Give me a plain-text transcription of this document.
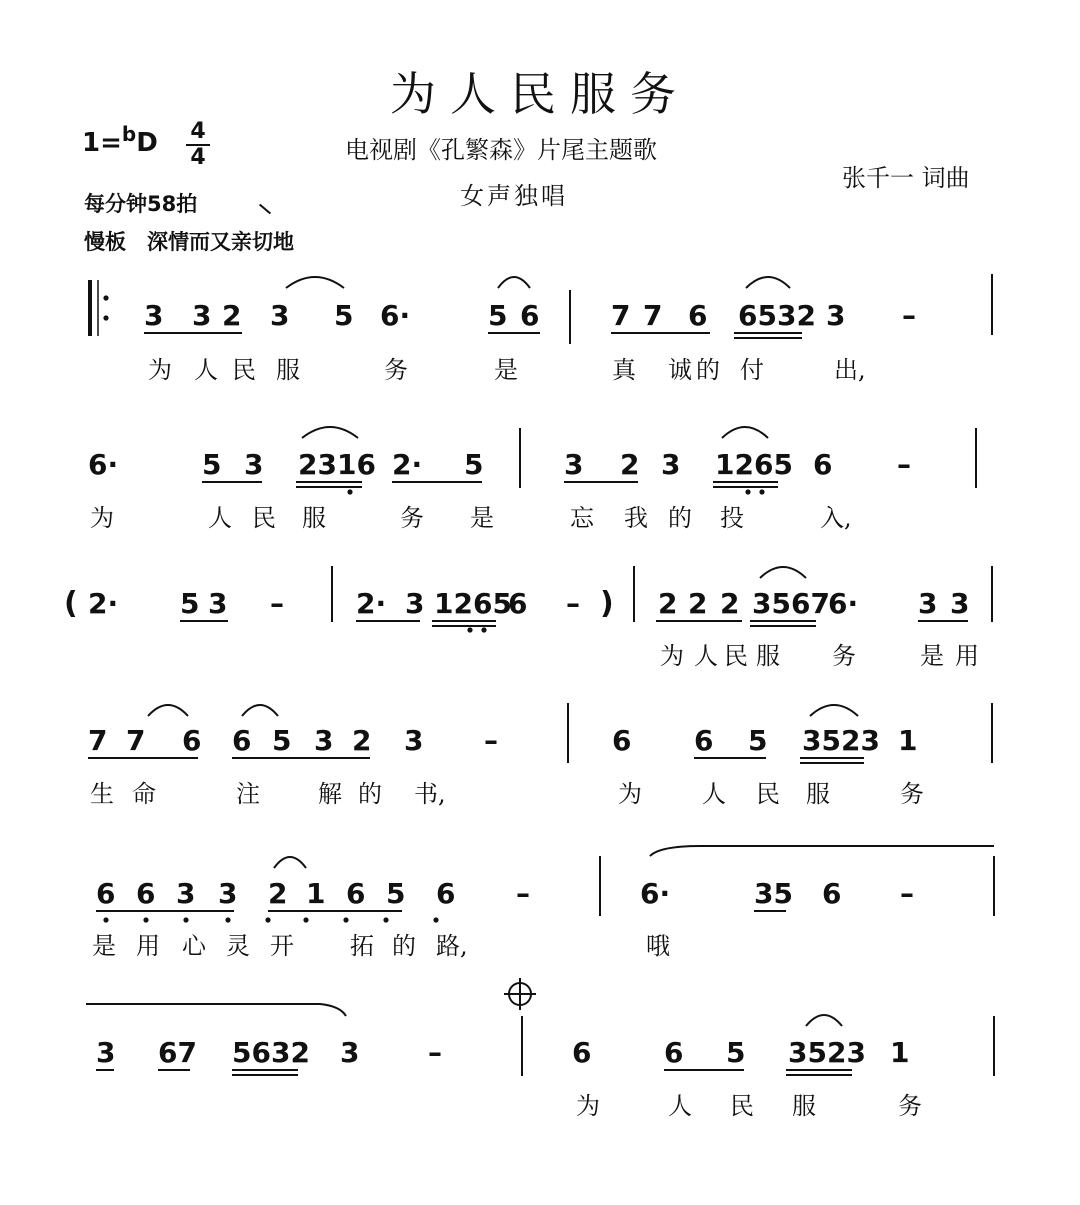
为人民服务
1=$^b$D 4
4	电视剧《孔繁森》片尾主题歌
女声独唱
张千一 词曲
每分钟58拍
慢板　深情而又亲切地
3 3 2 3 5 6·	5 6	7 7 6 6532 3 –
为 人 民 服	务	是	真 诚 的 付	出,
6·	5 3 2316 2· 5	3 2 3 1265 6 –
为	人 民 服	务 是	忘 我 的 投	入,
( 2· 5 3 –	2· 3 1265
6 – ) 2 2 2 3567
6· 3 3
为 人 民 服 务	是 用
7 7 6 6 5 3 2 3 –	6 6 5 3523 1
生 命	注 解 的 书,	为	人 民 服	务
6 6 3 3 2 1 6 5 6 –	6·	35 6 –
是 用 心 灵 开 拓 的 路,	哦
3 67 5632 3 –	6	6 5 3523 1
为	人 民 服	务
